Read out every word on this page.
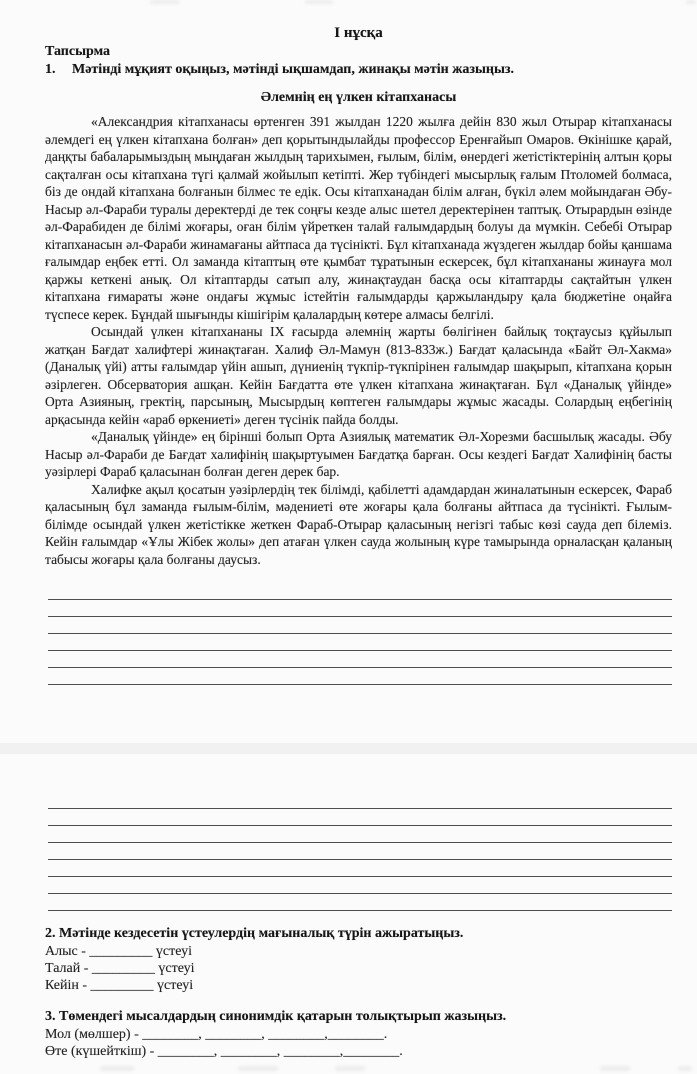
І нұсқа

Тапсырма

1.	Мәтінді мұқият оқыңыз, мәтінді ықшамдап, жинақы мәтін жазыңыз.
Әлемнің ең үлкен кітапханасы

«Александрия кітапханасы өртенген 391 жылдан 1220 жылға дейін 830 жыл Отырар кітапханасы әлемдегі ең үлкен кітапхана болған» деп қорытындылайды профессор Еренғайып Омаров. Өкінішке қарай, даңқты бабаларымыздың мыңдаған жылдың тарихымен, ғылым, білім, өнердегі жетістіктерінің алтын қоры сақталған осы кітапхана түгі қалмай жойылып кетіпті. Жер түбіндегі мысырлық ғалым Птоломей болмаса, біз де ондай кітапхана болғанын білмес те едік. Осы кітапханадан білім алған, бүкіл әлем мойындаған Әбу-Насыр әл-Фараби туралы деректерді де тек соңғы кезде алыс шетел деректерінен таптық. Отырардын өзінде әл-Фарабиден де білімі жоғары, оған білім үйреткен талай ғалымдардың болуы да мүмкін. Себебі Отырар кітапханасын әл-Фараби жинамағаны айтпаса да түсінікті. Бұл кітапханада жүздеген жылдар бойы қаншама ғалымдар еңбек етті. Ол заманда кітаптың өте қымбат тұратынын ескерсек, бұл кітапхананы жинауға мол қаржы кеткені анық. Ол кітаптарды сатып алу, жинақтаудан басқа осы кітаптарды сақтайтын үлкен кітапхана ғимараты және ондағы жұмыс істейтін ғалымдарды қаржыландыру қала бюджетіне оңайға түспесе керек. Бұндай шығынды кішігірім қалалардың көтере алмасы белгілі.

Осындай үлкен кітапхананы IX ғасырда әлемнің жарты бөлігінен байлық тоқтаусыз құйылып жатқан Бағдат халифтері жинақтаған. Халиф Әл-Мамун (813-833ж.) Бағдат қаласында «Байт Әл-Хакма» (Даналық үйі) атты ғалымдар үйін ашып, дүниенің түкпір-түкпірінен ғалымдар шақырып, кітапхана қорын әзірлеген. Обсерватория ашқан. Кейін Бағдатта өте үлкен кітапхана жинақтаған. Бұл «Даналық үйінде» Орта Азияның, гректің, парсының, Мысырдың көптеген ғалымдары жұмыс жасады. Солардың еңбегінің арқасында кейін «араб өркениеті» деген түсінік пайда болды.

«Даналық үйінде» ең бірінші болып Орта Азиялық математик Әл-Хорезми басшылық жасады. Әбу Насыр әл-Фараби де Бағдат халифінің шақыртуымен Бағдатқа барған. Осы кездегі Бағдат Халифінің басты уәзірлері Фараб қаласынан болған деген дерек бар.

Халифке ақыл қосатын уәзірлердің тек білімді, қабілетті адамдардан жиналатынын ескерсек, Фараб қаласының бұл заманда ғылым-білім, мәдениеті өте жоғары қала болғаны айтпаса да түсінікті. Ғылым-білімде осындай үлкен жетістікке жеткен Фараб-Отырар қаласының негізгі табыс көзі сауда деп білеміз. Кейін ғалымдар «Ұлы Жібек жолы» деп атаған үлкен сауда жолының күре тамырында орналасқан қаланың табысы жоғары қала болғаны даусыз.

2. Мәтінде кездесетін үстеулердің мағыналық түрін ажыратыңыз.

Алыс - _________ үстеуі

Талай - _________ үстеуі

Кейін - _________ үстеуі

3. Төмендегі мысалдардың синонимдік қатарын толықтырып жазыңыз.

Мол (мөлшер) - ________, ________, ________,________.

Өте (күшейткіш) - ________, ________, ________,________.
